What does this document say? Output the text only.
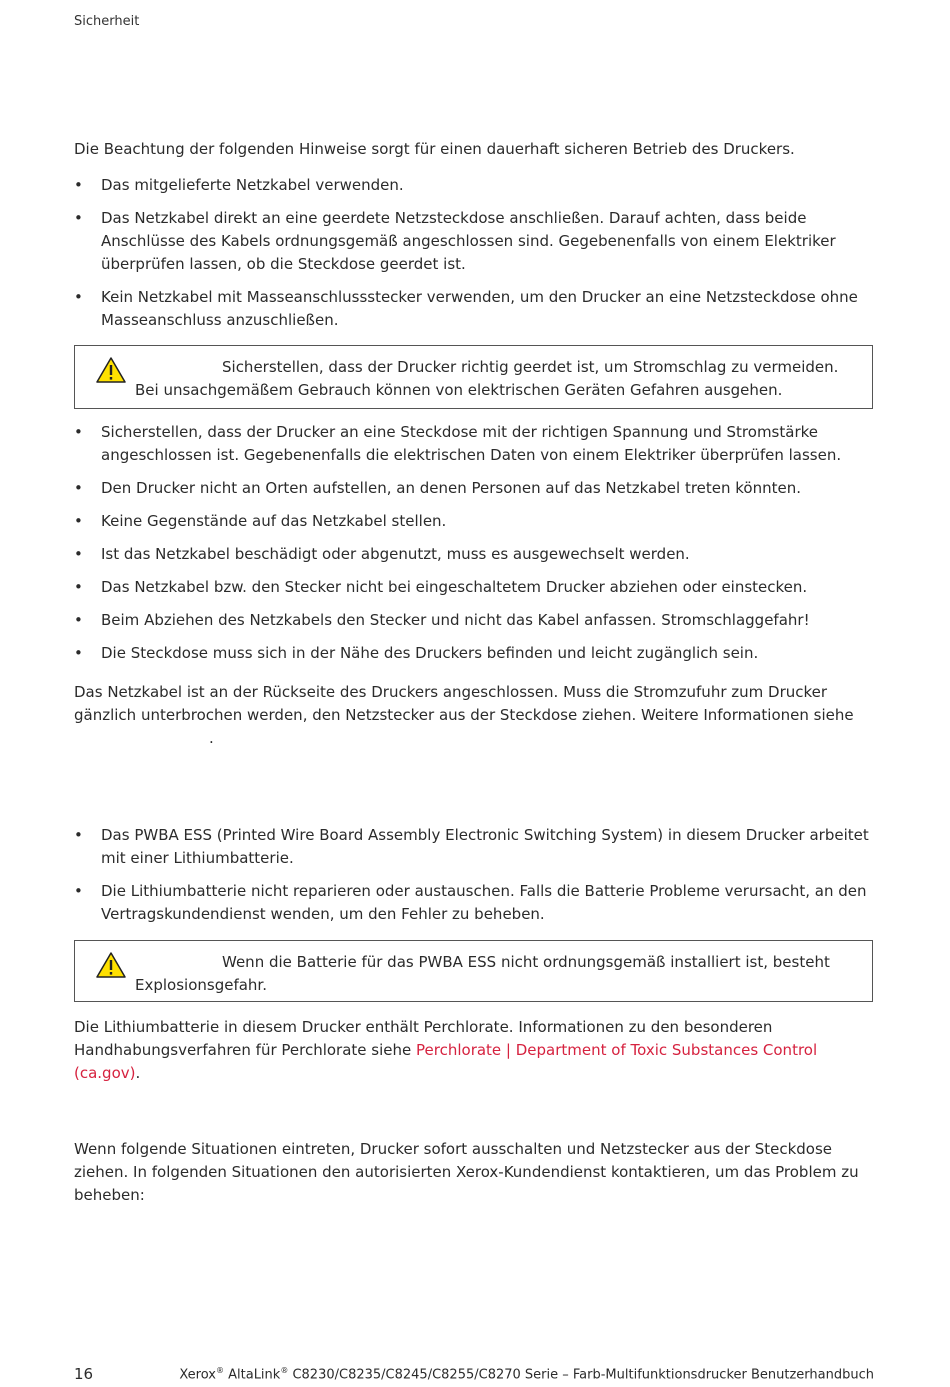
Sicherheit
Die Beachtung der folgenden Hinweise sorgt für einen dauerhaft sicheren Betrieb des Druckers.
• Das mitgelieferte Netzkabel verwenden.
• Das Netzkabel direkt an eine geerdete Netzsteckdose anschließen. Darauf achten, dass beide Anschlüsse des Kabels ordnungsgemäß angeschlossen sind. Gegebenenfalls von einem Elektriker überprüfen lassen, ob die Steckdose geerdet ist.
• Kein Netzkabel mit Masseanschlussstecker verwenden, um den Drucker an eine Netzsteckdose ohne Masseanschluss anzuschließen.
Sicherstellen, dass der Drucker richtig geerdet ist, um Stromschlag zu vermeiden. Bei unsachgemäßem Gebrauch können von elektrischen Geräten Gefahren ausgehen.
• Sicherstellen, dass der Drucker an eine Steckdose mit der richtigen Spannung und Stromstärke angeschlossen ist. Gegebenenfalls die elektrischen Daten von einem Elektriker überprüfen lassen.
• Den Drucker nicht an Orten aufstellen, an denen Personen auf das Netzkabel treten könnten.
• Keine Gegenstände auf das Netzkabel stellen.
• Ist das Netzkabel beschädigt oder abgenutzt, muss es ausgewechselt werden.
• Das Netzkabel bzw. den Stecker nicht bei eingeschaltetem Drucker abziehen oder einstecken.
• Beim Abziehen des Netzkabels den Stecker und nicht das Kabel anfassen. Stromschlaggefahr!
• Die Steckdose muss sich in der Nähe des Druckers befinden und leicht zugänglich sein.
Das Netzkabel ist an der Rückseite des Druckers angeschlossen. Muss die Stromzufuhr zum Drucker gänzlich unterbrochen werden, den Netzstecker aus der Steckdose ziehen. Weitere Informationen siehe
.
• Das PWBA ESS (Printed Wire Board Assembly Electronic Switching System) in diesem Drucker arbeitet mit einer Lithiumbatterie.
• Die Lithiumbatterie nicht reparieren oder austauschen. Falls die Batterie Probleme verursacht, an den Vertragskundendienst wenden, um den Fehler zu beheben.
Wenn die Batterie für das PWBA ESS nicht ordnungsgemäß installiert ist, besteht Explosionsgefahr.
Die Lithiumbatterie in diesem Drucker enthält Perchlorate. Informationen zu den besonderen Handhabungsverfahren für Perchlorate siehe Perchlorate | Department of Toxic Substances Control (ca.gov).
Wenn folgende Situationen eintreten, Drucker sofort ausschalten und Netzstecker aus der Steckdose ziehen. In folgenden Situationen den autorisierten Xerox-Kundendienst kontaktieren, um das Problem zu beheben:
16	Xerox® AltaLink® C8230/C8235/C8245/C8255/C8270 Serie – Farb-Multifunktionsdrucker Benutzerhandbuch
